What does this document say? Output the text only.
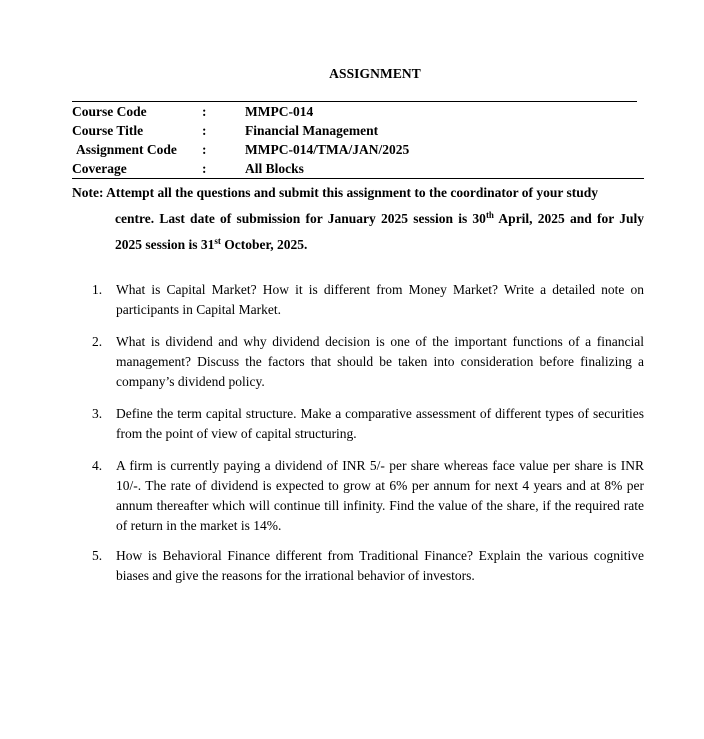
ASSIGNMENT
Course Code	:	MMPC-014
Course Title	:	Financial Management
Assignment Code :	MMPC-014/TMA/JAN/2025
Coverage	:	All Blocks
Note: Attempt all the questions and submit this assignment to the coordinator of your study
centre. Last date of submission for January 2025 session is 30th April, 2025 and for July 2025 session is 31st October, 2025.
1. What is Capital Market? How it is different from Money Market? Write a detailed note on participants in Capital Market.
2. What is dividend and why dividend decision is one of the important functions of a financial management? Discuss the factors that should be taken into consideration before finalizing a company’s dividend policy.
3. Define the term capital structure. Make a comparative assessment of different types of securities from the point of view of capital structuring.
4. A firm is currently paying a dividend of INR 5/- per share whereas face value per share is INR 10/-. The rate of dividend is expected to grow at 6% per annum for next 4 years and at 8% per annum thereafter which will continue till infinity. Find the value of the share, if the required rate of return in the market is 14%.
5. How is Behavioral Finance different from Traditional Finance? Explain the various cognitive biases and give the reasons for the irrational behavior of investors.
